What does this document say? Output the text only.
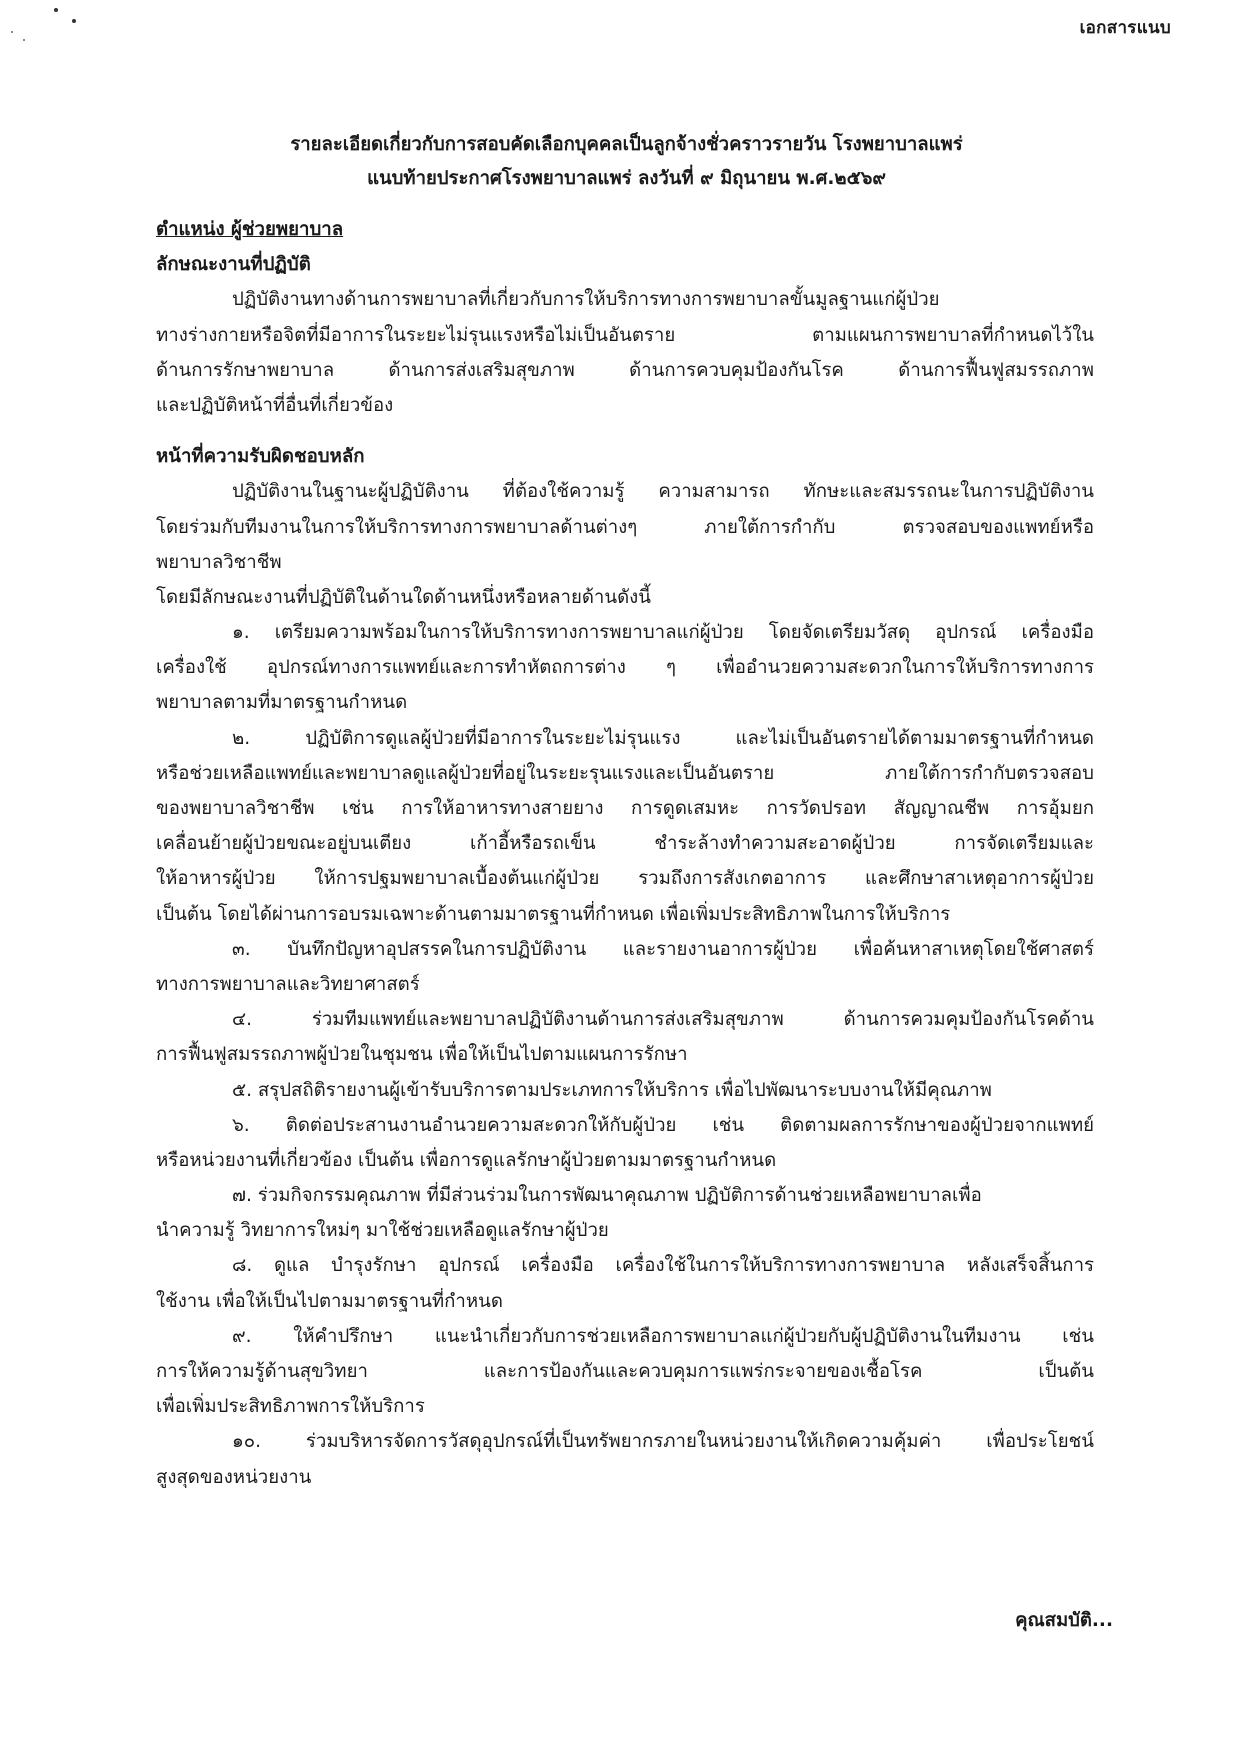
เอกสารแนบ
รายละเอียดเกี่ยวกับการสอบคัดเลือกบุคคลเป็นลูกจ้างชั่วคราวรายวัน โรงพยาบาลแพร่
แนบท้ายประกาศโรงพยาบาลแพร่ ลงวันที่ ๙ มิถุนายน พ.ศ.๒๕๖๙
ตำแหน่ง ผู้ช่วยพยาบาล
ลักษณะงานที่ปฏิบัติ
ปฏิบัติงานทางด้านการพยาบาลที่เกี่ยวกับการให้บริการทางการพยาบาลขั้นมูลฐานแก่ผู้ป่วย
ทางร่างกายหรือจิตที่มีอาการในระยะไม่รุนแรงหรือไม่เป็นอันตราย ตามแผนการพยาบาลที่กำหนดไว้ใน
ด้านการรักษาพยาบาล ด้านการส่งเสริมสุขภาพ ด้านการควบคุมป้องกันโรค ด้านการฟื้นฟูสมรรถภาพ
และปฏิบัติหน้าที่อื่นที่เกี่ยวข้อง
หน้าที่ความรับผิดชอบหลัก
ปฏิบัติงานในฐานะผู้ปฏิบัติงาน ที่ต้องใช้ความรู้ ความสามารถ ทักษะและสมรรถนะในการปฏิบัติงาน
โดยร่วมกับทีมงานในการให้บริการทางการพยาบาลด้านต่างๆ ภายใต้การกำกับ ตรวจสอบของแพทย์หรือ
พยาบาลวิชาชีพ
โดยมีลักษณะงานที่ปฏิบัติในด้านใดด้านหนึ่งหรือหลายด้านดังนี้
๑. เตรียมความพร้อมในการให้บริการทางการพยาบาลแก่ผู้ป่วย โดยจัดเตรียมวัสดุ อุปกรณ์ เครื่องมือ
เครื่องใช้ อุปกรณ์ทางการแพทย์และการทำหัตถการต่าง ๆ เพื่ออำนวยความสะดวกในการให้บริการทางการ
พยาบาลตามที่มาตรฐานกำหนด
๒. ปฏิบัติการดูแลผู้ป่วยที่มีอาการในระยะไม่รุนแรง และไม่เป็นอันตรายได้ตามมาตรฐานที่กำหนด
หรือช่วยเหลือแพทย์และพยาบาลดูแลผู้ป่วยที่อยู่ในระยะรุนแรงและเป็นอันตราย ภายใต้การกำกับตรวจสอบ
ของพยาบาลวิชาชีพ เช่น การให้อาหารทางสายยาง การดูดเสมหะ การวัดปรอท สัญญาณชีพ การอุ้มยก
เคลื่อนย้ายผู้ป่วยขณะอยู่บนเตียง เก้าอี้หรือรถเข็น ชำระล้างทำความสะอาดผู้ป่วย การจัดเตรียมและ
ให้อาหารผู้ป่วย ให้การปฐมพยาบาลเบื้องต้นแก่ผู้ป่วย รวมถึงการสังเกตอาการ และศึกษาสาเหตุอาการผู้ป่วย
เป็นต้น โดยได้ผ่านการอบรมเฉพาะด้านตามมาตรฐานที่กำหนด เพื่อเพิ่มประสิทธิภาพในการให้บริการ
๓. บันทึกปัญหาอุปสรรคในการปฏิบัติงาน และรายงานอาการผู้ป่วย เพื่อค้นหาสาเหตุโดยใช้ศาสตร์
ทางการพยาบาลและวิทยาศาสตร์
๔. ร่วมทีมแพทย์และพยาบาลปฏิบัติงานด้านการส่งเสริมสุขภาพ ด้านการควมคุมป้องกันโรคด้าน
การฟื้นฟูสมรรถภาพผู้ป่วยในชุมชน เพื่อให้เป็นไปตามแผนการรักษา
๕. สรุปสถิติรายงานผู้เข้ารับบริการตามประเภทการให้บริการ เพื่อไปพัฒนาระบบงานให้มีคุณภาพ
๖. ติดต่อประสานงานอำนวยความสะดวกให้กับผู้ป่วย เช่น ติดตามผลการรักษาของผู้ป่วยจากแพทย์
หรือหน่วยงานที่เกี่ยวข้อง เป็นต้น เพื่อการดูแลรักษาผู้ป่วยตามมาตรฐานกำหนด
๗. ร่วมกิจกรรมคุณภาพ ที่มีส่วนร่วมในการพัฒนาคุณภาพ ปฏิบัติการด้านช่วยเหลือพยาบาลเพื่อ
นำความรู้ วิทยาการใหม่ๆ มาใช้ช่วยเหลือดูแลรักษาผู้ป่วย
๘. ดูแล บำรุงรักษา อุปกรณ์ เครื่องมือ เครื่องใช้ในการให้บริการทางการพยาบาล หลังเสร็จสิ้นการ
ใช้งาน เพื่อให้เป็นไปตามมาตรฐานที่กำหนด
๙. ให้คำปรึกษา แนะนำเกี่ยวกับการช่วยเหลือการพยาบาลแก่ผู้ป่วยกับผู้ปฏิบัติงานในทีมงาน เช่น
การให้ความรู้ด้านสุขวิทยา และการป้องกันและควบคุมการแพร่กระจายของเชื้อโรค เป็นต้น
เพื่อเพิ่มประสิทธิภาพการให้บริการ
๑๐. ร่วมบริหารจัดการวัสดุอุปกรณ์ที่เป็นทรัพยากรภายในหน่วยงานให้เกิดความคุ้มค่า เพื่อประโยชน์
สูงสุดของหน่วยงาน
คุณสมบัติ...
